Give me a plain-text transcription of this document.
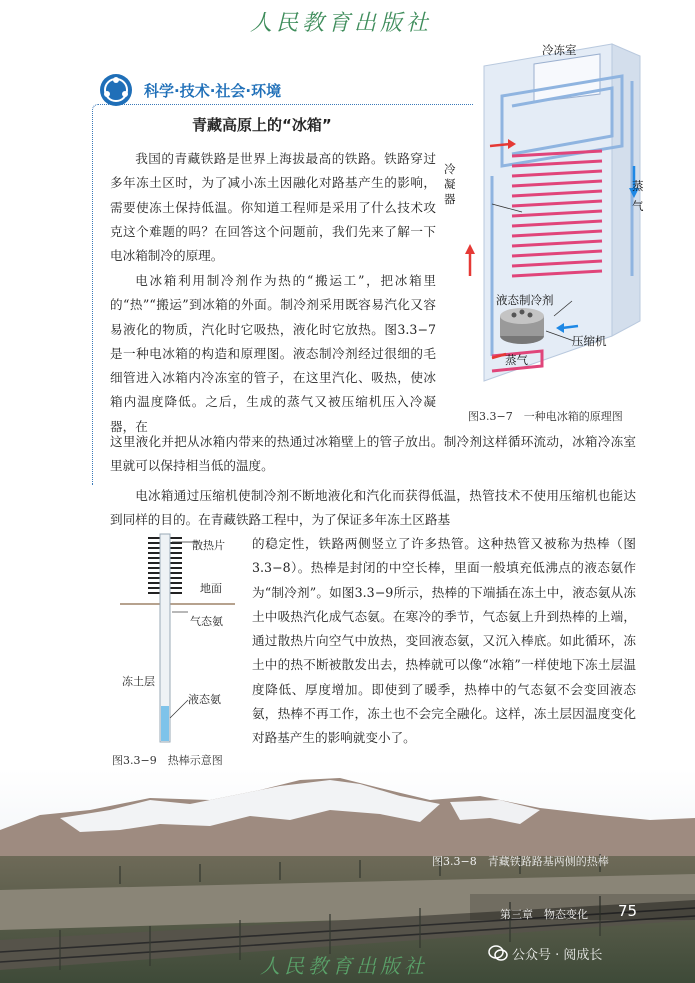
人民教育出版社
科学·技术·社会·环境
青藏高原上的“冰箱”
我国的青藏铁路是世界上海拔最高的铁路。铁路穿过多年冻土区时，为了减小冻土因融化对路基产生的影响，需要使冻土保持低温。你知道工程师是采用了什么技术攻克这个难题的吗？在回答这个问题前，我们先来了解一下电冰箱制冷的原理。
电冰箱利用制冷剂作为热的“搬运工”，把冰箱里的“热”“搬运”到冰箱的外面。制冷剂采用既容易汽化又容易液化的物质，汽化时它吸热，液化时它放热。图3.3−7是一种电冰箱的构造和原理图。液态制冷剂经过很细的毛细管进入冰箱内冷冻室的管子，在这里汽化、吸热，使冰箱内温度降低。之后，生成的蒸气又被压缩机压入冷凝器，在
这里液化并把从冰箱内带来的热通过冰箱壁上的管子放出。制冷剂这样循环流动，冰箱冷冻室里就可以保持相当低的温度。
电冰箱通过压缩机使制冷剂不断地液化和汽化而获得低温，热管技术不使用压缩机也能达到同样的目的。在青藏铁路工程中，为了保证多年冻土区路基
的稳定性，铁路两侧竖立了许多热管。这种热管又被称为热棒（图3.3−8）。热棒是封闭的中空长棒，里面一般填充低沸点的液态氨作为“制冷剂”。如图3.3−9所示，热棒的下端插在冻土中，液态氨从冻土中吸热汽化成气态氨。在寒冷的季节，气态氨上升到热棒的上端，通过散热片向空气中放热，变回液态氨，又沉入棒底。如此循环，冻土中的热不断被散发出去，热棒就可以像“冰箱”一样使地下冻土层温度降低、厚度增加。即使到了暖季，热棒中的气态氨不会变回液态氨，热棒不再工作，冻土也不会完全融化。这样，冻土层因温度变化对路基产生的影响就变小了。
冷冻室
冷凝器
蒸气
液态制冷剂
压缩机
蒸气
图3.3−7　一种电冰箱的原理图
散热片
地面
气态氨
冻土层
液态氨
图3.3−9　热棒示意图
图3.3−8　青藏铁路路基两侧的热棒
第三章　物态变化 75
公众号 · 阅成长
人民教育出版社
